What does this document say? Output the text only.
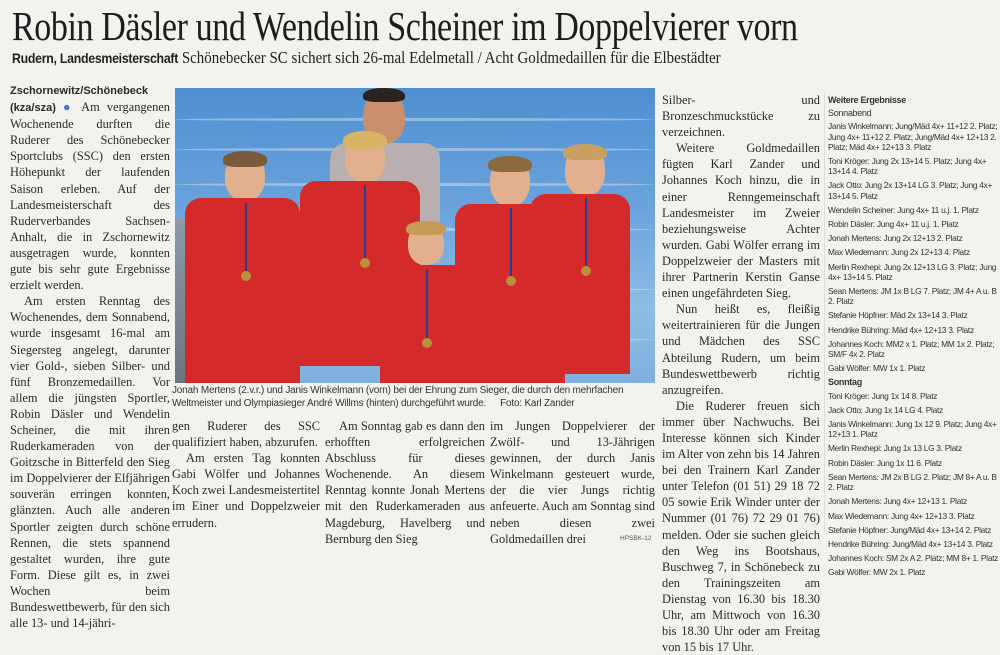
Robin Däsler und Wendelin Scheiner im Doppelvierer vorn
Rudern, Landesmeisterschaft Schönebecker SC sichert sich 26-mal Edelmetall / Acht Goldmedaillen für die Elbestädter

Zschornewitz/Schönebeck (kza/sza) ● Am vergangenen Wochenende durften die Ruderer des Schönebecker Sportclubs (SSC) den ersten Höhepunkt der laufenden Saison erleben. Auf der Landesmeisterschaft des Ruderverbandes Sachsen-Anhalt, die in Zschornewitz ausgetragen wurde, konnten gute bis sehr gute Ergebnisse erzielt werden.

Am ersten Renntag des Wochenendes, dem Sonnabend, wurde insgesamt 16-mal am Siegersteg angelegt, darunter vier Gold-, sieben Silber- und fünf Bronzemedaillen. Vor allem die jüngsten Sportler, Robin Däsler und Wendelin Scheiner, die mit ihren Ruderkameraden von der Goitzsche in Bitterfeld den Sieg im Doppelvierer der Elfjährigen souverän erringen konnten, glänzten. Auch alle anderen Sportler zeigten durch schöne Rennen, die stets spannend gestaltet wurden, ihre gute Form. Diese gilt es, in zwei Wochen beim Bundeswettbewerb, für den sich alle 13- und 14-jähri-

Jonah Mertens (2.v.r.) und Janis Winkelmann (vorn) bei der Ehrung zum Sieger, die durch den mehrfachen Weltmeister und Olympiasieger André Willms (hinten) durchgeführt wurde. Foto: Karl Zander

gen Ruderer des SSC qualifiziert haben, abzurufen.

Am ersten Tag konnten Gabi Wölfer und Johannes Koch zwei Landesmeistertitel im Einer und Doppelzweier errudern.

Am Sonntag gab es dann den erhofften erfolgreichen Abschluss für dieses Wochenende. An diesem Renntag konnte Jonah Mertens mit den Ruderkameraden aus Magdeburg, Havelberg und Bernburg den Sieg

im Jungen Doppelvierer der Zwölf- und 13-Jährigen gewinnen, der durch Janis Winkelmann gesteuert wurde, der die vier Jungs richtig anfeuerte. Auch am Sonntag sind neben diesen zwei Goldmedaillen drei	HPSBK-12

Silber- und Bronzeschmuckstücke zu verzeichnen.

Weitere Goldmedaillen fügten Karl Zander und Johannes Koch hinzu, die in einer Renngemeinschaft Landesmeister im Zweier beziehungsweise Achter wurden. Gabi Wölfer errang im Doppelzweier der Masters mit ihrer Partnerin Kerstin Ganse einen ungefährdeten Sieg.

Nun heißt es, fleißig weitertrainieren für die Jungen und Mädchen des SSC Abteilung Rudern, um beim Bundeswettbewerb richtig anzugreifen.

Die Ruderer freuen sich immer über Nachwuchs. Bei Interesse können sich Kinder im Alter von zehn bis 14 Jahren bei den Trainern Karl Zander unter Telefon (01 51) 29 18 72 05 sowie Erik Winder unter der Nummer (01 76) 72 29 01 76) melden. Oder sie suchen gleich den Weg ins Bootshaus, Buschweg 7, in Schönebeck zu den Trainingszeiten am Dienstag von 16.30 bis 18.30 Uhr, am Mittwoch von 16.30 bis 18.30 Uhr oder am Freitag von 15 bis 17 Uhr.

Weitere Ergebnisse
Sonnabend
Janis Winkelmann: Jung/Mäd 4x+ 11+12 2. Platz; Jung 4x+ 11+12 2. Platz; Jung/Mäd 4x+ 12+13 2. Platz; Mäd 4x+ 12+13 3. Platz
Toni Kröger: Jung 2x 13+14 5. Platz; Jung 4x+ 13+14 4. Platz
Jack Otto: Jung 2x 13+14 LG 3. Platz; Jung 4x+ 13+14 5. Platz
Wendelin Scheiner: Jung 4x+ 11 u.j. 1. Platz
Robin Däsler: Jung 4x+ 11 u.j. 1. Platz
Jonah Mertens: Jung 2x 12+13 2. Platz
Max Wiedemann: Jung 2x 12+13 4. Platz
Merlin Rexhepi: Jung 2x 12+13 LG 3. Platz; Jung 4x+ 13+14 5. Platz
Sean Mertens: JM 1x B LG 7. Platz; JM 4+ A u. B 2. Platz
Stefanie Höpfner: Mäd 2x 13+14 3. Platz
Hendrike Bühring: Mäd 4x+ 12+13 3. Platz
Johannes Koch: MM2 x 1. Platz; MM 1x 2. Platz; SM/F 4x 2. Platz
Gabi Wölfer: MW 1x 1. Platz
Sonntag
Toni Kröger: Jung 1x 14 8. Platz
Jack Otto: Jung 1x 14 LG 4. Platz
Janis Winkelmann: Jung 1x 12 9. Platz; Jung 4x+ 12+13 1. Platz
Merlin Rexhepi: Jung 1x 13 LG 3. Platz
Robin Däsler: Jung 1x 11 6. Platz
Sean Mertens: JM 2x B LG 2. Platz; JM 8+ A u. B 2. Platz
Jonah Mertens: Jung 4x+ 12+13 1. Platz
Max Wiedemann: Jung 4x+ 12+13 3. Platz
Stefanie Höpfner: Jung/Mäd 4x+ 13+14 2. Platz
Hendrike Bühring: Jung/Mäd 4x+ 13+14 3. Platz
Johannes Koch: SM 2x A 2. Platz; MM 8+ 1. Platz
Gabi Wölfer: MW 2x 1. Platz
